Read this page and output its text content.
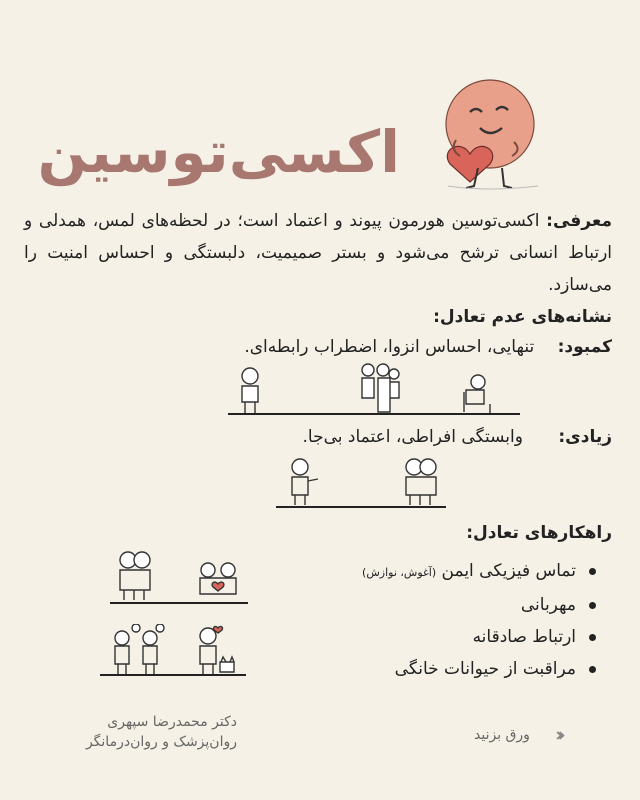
اکسی‌توسین
معرفی: اکسی‌توسین هورمون پیوند و اعتماد است؛ در لحظه‌های لمس، همدلی و ارتباط انسانی ترشح می‌شود و بستر صمیمیت، دلبستگی و احساس امنیت را می‌سازد.
نشانه‌های عدم تعادل:
کمبود: تنهایی، احساس انزوا، اضطراب رابطه‌ای.
زیادی: وابستگی افراطی، اعتماد بی‌جا.
راهکارهای تعادل:
تماس فیزیکی ایمن (آغوش، نوازش)
مهربانی
ارتباط صادقانه
مراقبت از حیوانات خانگی
دکتر محمدرضا سپهری
روان‌پزشک و روان‌درمانگر	ورق بزنید ‹‹‹
